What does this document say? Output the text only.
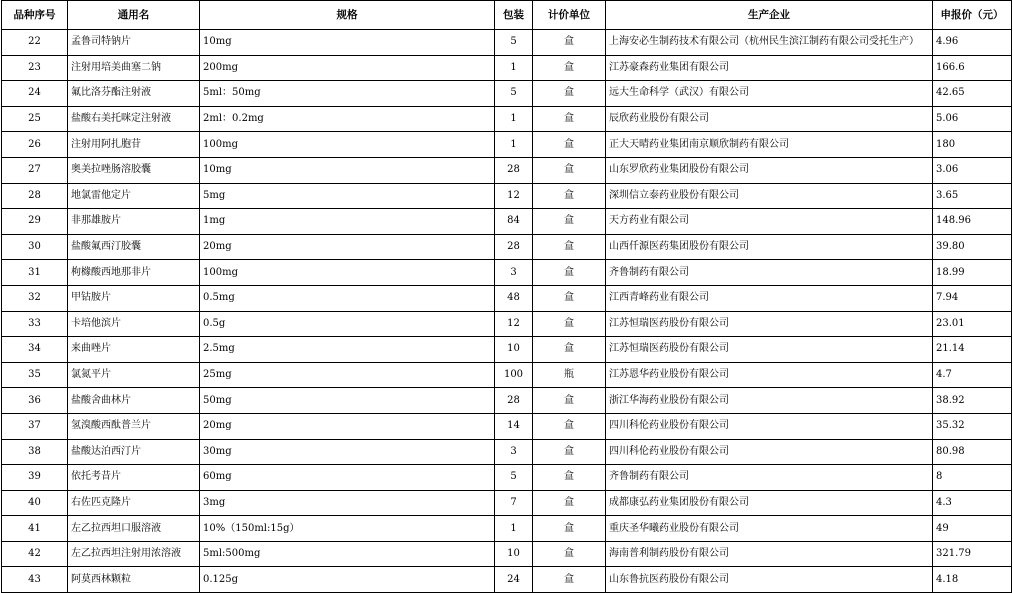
品种序号	通用名	规格	包装	计价单位	生产企业	申报价（元）
22	孟鲁司特钠片	10mg	5	盒	上海安必生制药技术有限公司（杭州民生滨江制药有限公司受托生产）	4.96
23	注射用培美曲塞二钠	200mg	1	盒	江苏豪森药业集团有限公司	166.6
24	氟比洛芬酯注射液	5ml：50mg	5	盒	远大生命科学（武汉）有限公司	42.65
25	盐酸右美托咪定注射液	2ml：0.2mg	1	盒	辰欣药业股份有限公司	5.06
26	注射用阿扎胞苷	100mg	1	盒	正大天晴药业集团南京顺欣制药有限公司	180
27	奥美拉唑肠溶胶囊	10mg	28	盒	山东罗欣药业集团股份有限公司	3.06
28	地氯雷他定片	5mg	12	盒	深圳信立泰药业股份有限公司	3.65
29	非那雄胺片	1mg	84	盒	天方药业有限公司	148.96
30	盐酸氟西汀胶囊	20mg	28	盒	山西仟源医药集团股份有限公司	39.80
31	枸橼酸西地那非片	100mg	3	盒	齐鲁制药有限公司	18.99
32	甲钴胺片	0.5mg	48	盒	江西青峰药业有限公司	7.94
33	卡培他滨片	0.5g	12	盒	江苏恒瑞医药股份有限公司	23.01
34	来曲唑片	2.5mg	10	盒	江苏恒瑞医药股份有限公司	21.14
35	氯氮平片	25mg	100	瓶	江苏恩华药业股份有限公司	4.7
36	盐酸舍曲林片	50mg	28	盒	浙江华海药业股份有限公司	38.92
37	氢溴酸西酞普兰片	20mg	14	盒	四川科伦药业股份有限公司	35.32
38	盐酸达泊西汀片	30mg	3	盒	四川科伦药业股份有限公司	80.98
39	依托考昔片	60mg	5	盒	齐鲁制药有限公司	8
40	右佐匹克隆片	3mg	7	盒	成都康弘药业集团股份有限公司	4.3
41	左乙拉西坦口服溶液	10%（150ml:15g）	1	盒	重庆圣华曦药业股份有限公司	49
42	左乙拉西坦注射用浓溶液	5ml:500mg	10	盒	海南普利制药股份有限公司	321.79
43	阿莫西林颗粒	0.125g	24	盒	山东鲁抗医药股份有限公司	4.18
